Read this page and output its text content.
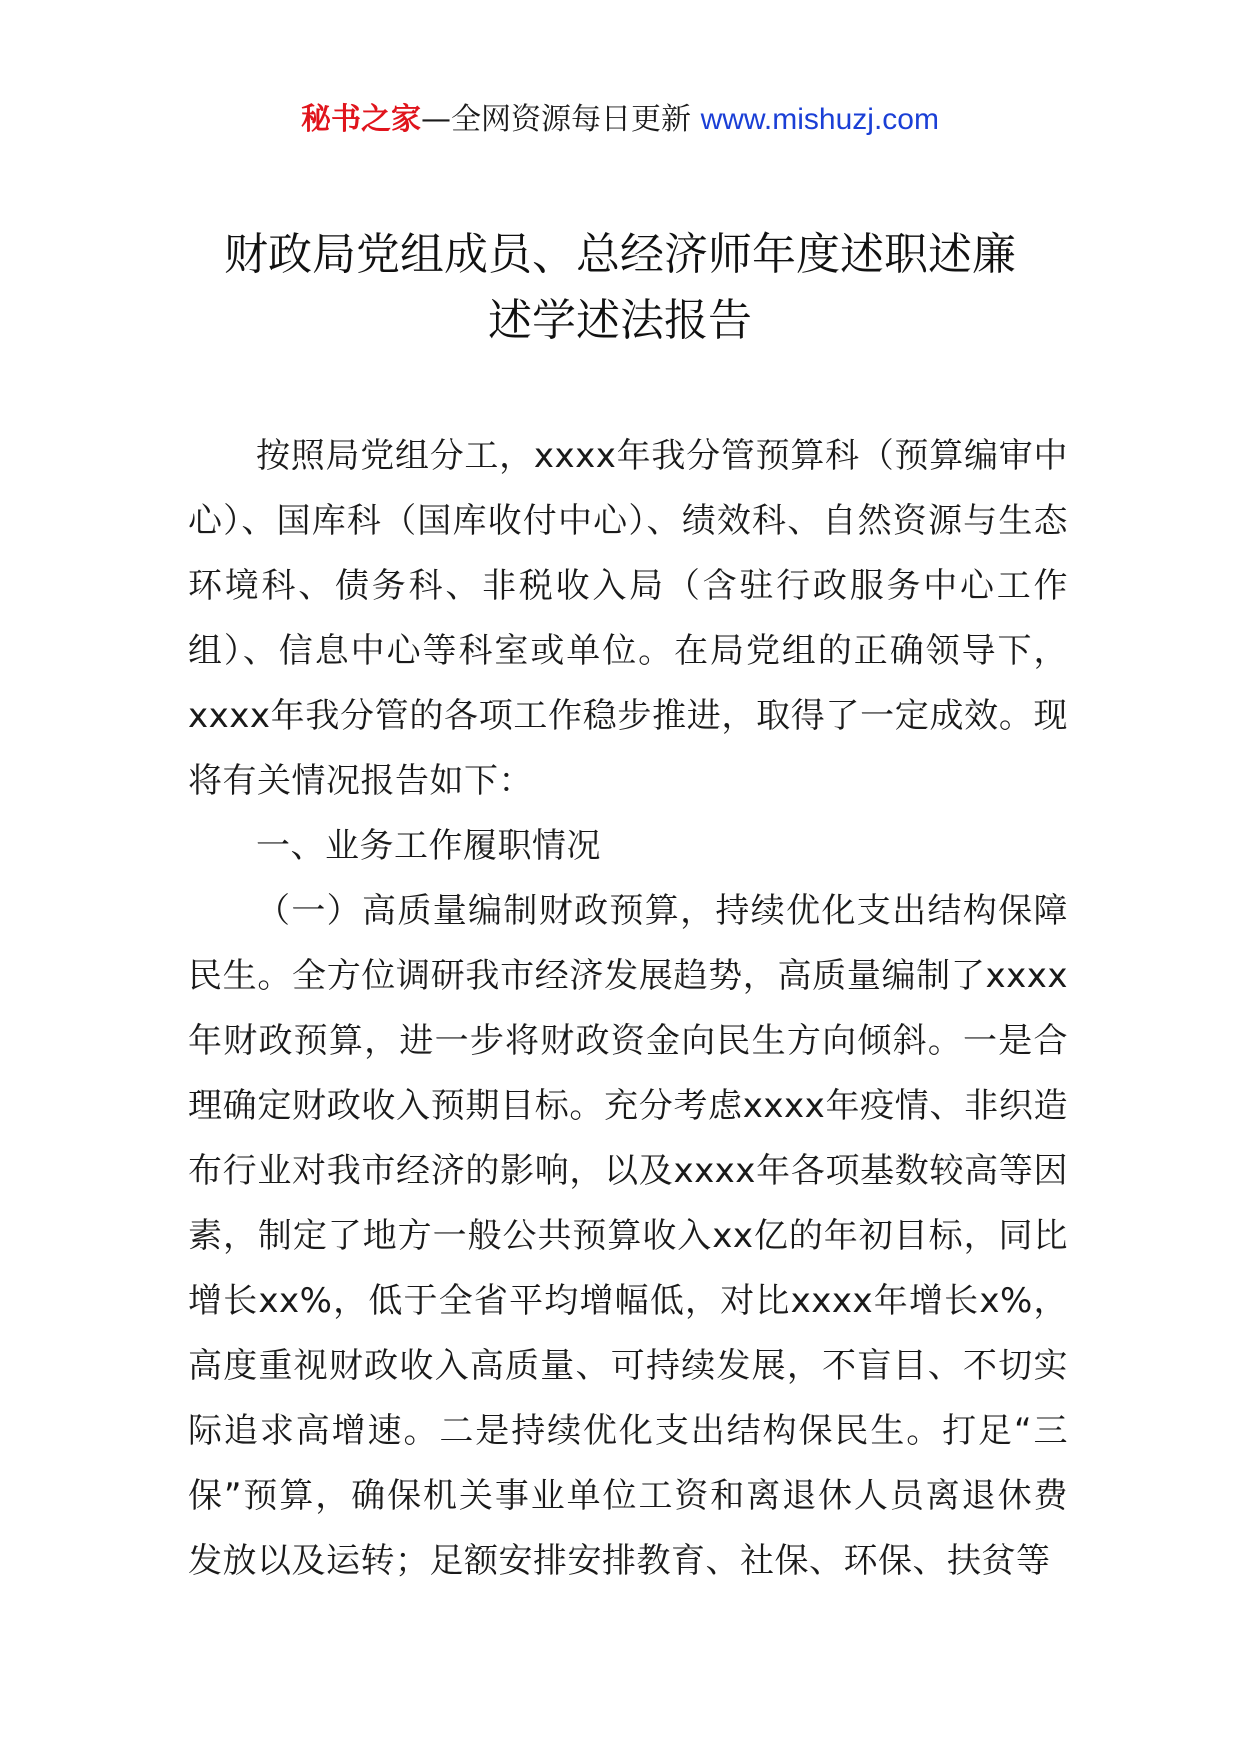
秘书之家—全网资源每日更新 www.mishuzj.com
财政局党组成员、总经济师年度述职述廉
述学述法报告

按照局党组分工，xxxx年我分管预算科（预算编审中心）、国库科（国库收付中心）、绩效科、自然资源与生态环境科、债务科、非税收入局（含驻行政服务中心工作组）、信息中心等科室或单位。在局党组的正确领导下，xxxx年我分管的各项工作稳步推进，取得了一定成效。现将有关情况报告如下：

一、业务工作履职情况

（一）高质量编制财政预算，持续优化支出结构保障民生。全方位调研我市经济发展趋势，高质量编制了xxxx年财政预算，进一步将财政资金向民生方向倾斜。一是合理确定财政收入预期目标。充分考虑xxxx年疫情、非织造布行业对我市经济的影响，以及xxxx年各项基数较高等因素，制定了地方一般公共预算收入xx亿的年初目标，同比增长xx%，低于全省平均增幅低，对比xxxx年增长x%，高度重视财政收入高质量、可持续发展，不盲目、不切实际追求高增速。二是持续优化支出结构保民生。打足“三保”预算，确保机关事业单位工资和离退休人员离退休费发放以及运转；足额安排安排教育、社保、环保、扶贫等
